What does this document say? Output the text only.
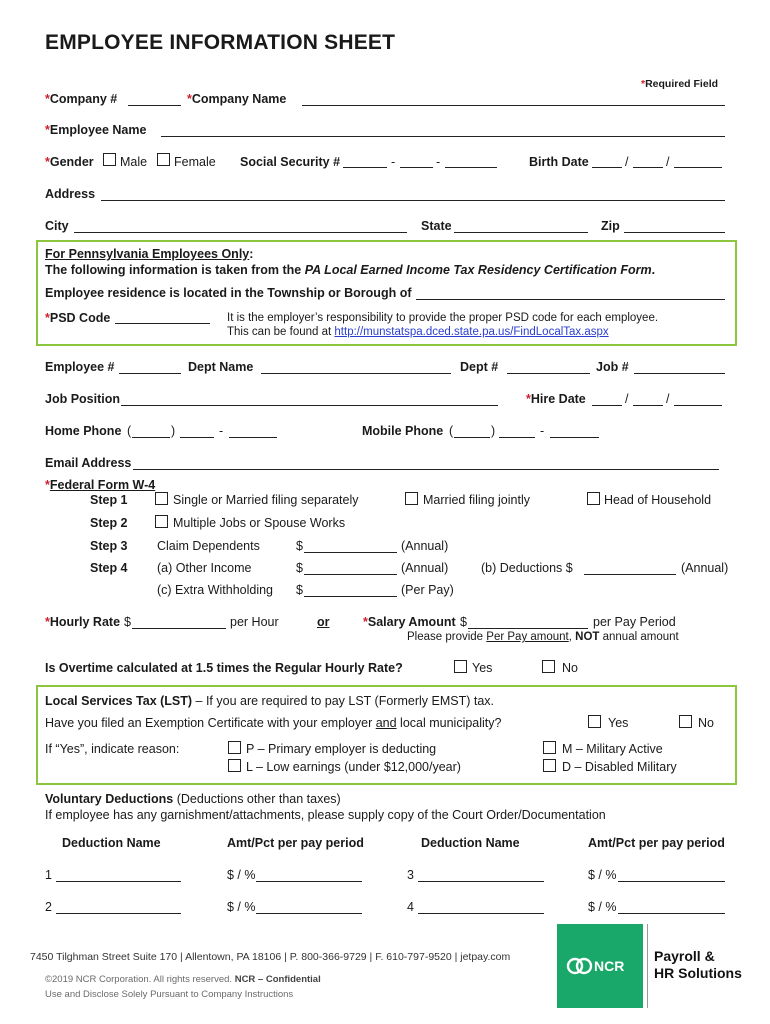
EMPLOYEE INFORMATION SHEET
*Required Field
*Company #	*Company Name
*Employee Name
*Gender Male Female Social Security #	-	-	Birth Date	/	/
Address
City	State	Zip
For Pennsylvania Employees Only:
The following information is taken from the PA Local Earned Income Tax Residency Certification Form.
Employee residence is located in the Township or Borough of
*PSD Code	It is the employer’s responsibility to provide the proper PSD code for each employee.
This can be found at http://munstatspa.dced.state.pa.us/FindLocalTax.aspx
Employee #	Dept Name	Dept #	Job #
Job Position	*Hire Date	/	/
Home Phone (	)	-	Mobile Phone (	)	-
Email Address
*Federal Form W-4
Step 1	Single or Married filing separately	Married filing jointly	Head of Household
Step 2	Multiple Jobs or Spouse Works
Step 3 Claim Dependents	$	(Annual)
Step 4 (a) Other Income	$	(Annual)	(b) Deductions $	(Annual)
(c) Extra Withholding $	(Per Pay)
*Hourly Rate $	per Hour	or	*Salary Amount $	per Pay Period
Please provide Per Pay amount, NOT annual amount
Is Overtime calculated at 1.5 times the Regular Hourly Rate?	Yes	No
Local Services Tax (LST) – If you are required to pay LST (Formerly EMST) tax.
Have you filed an Exemption Certificate with your employer and local municipality?	Yes	No
If “Yes”, indicate reason:	P – Primary employer is deducting
L – Low earnings (under $12,000/year)
M – Military Active
D – Disabled Military
Voluntary Deductions (Deductions other than taxes)
If employee has any garnishment/attachments, please supply copy of the Court Order/Documentation
Deduction Name	Amt/Pct per pay period	Deduction Name	Amt/Pct per pay period
1	$ / %	3	$ / %
2	$ / %	4	$ / %
7450 Tilghman Street Suite 170 | Allentown, PA 18106 | P. 800-366-9729 | F. 610-797-9520 | jetpay.com
©2019 NCR Corporation. All rights reserved. NCR – Confidential
Use and Disclose Solely Pursuant to Company Instructions
NCR
Payroll &
HR Solutions
